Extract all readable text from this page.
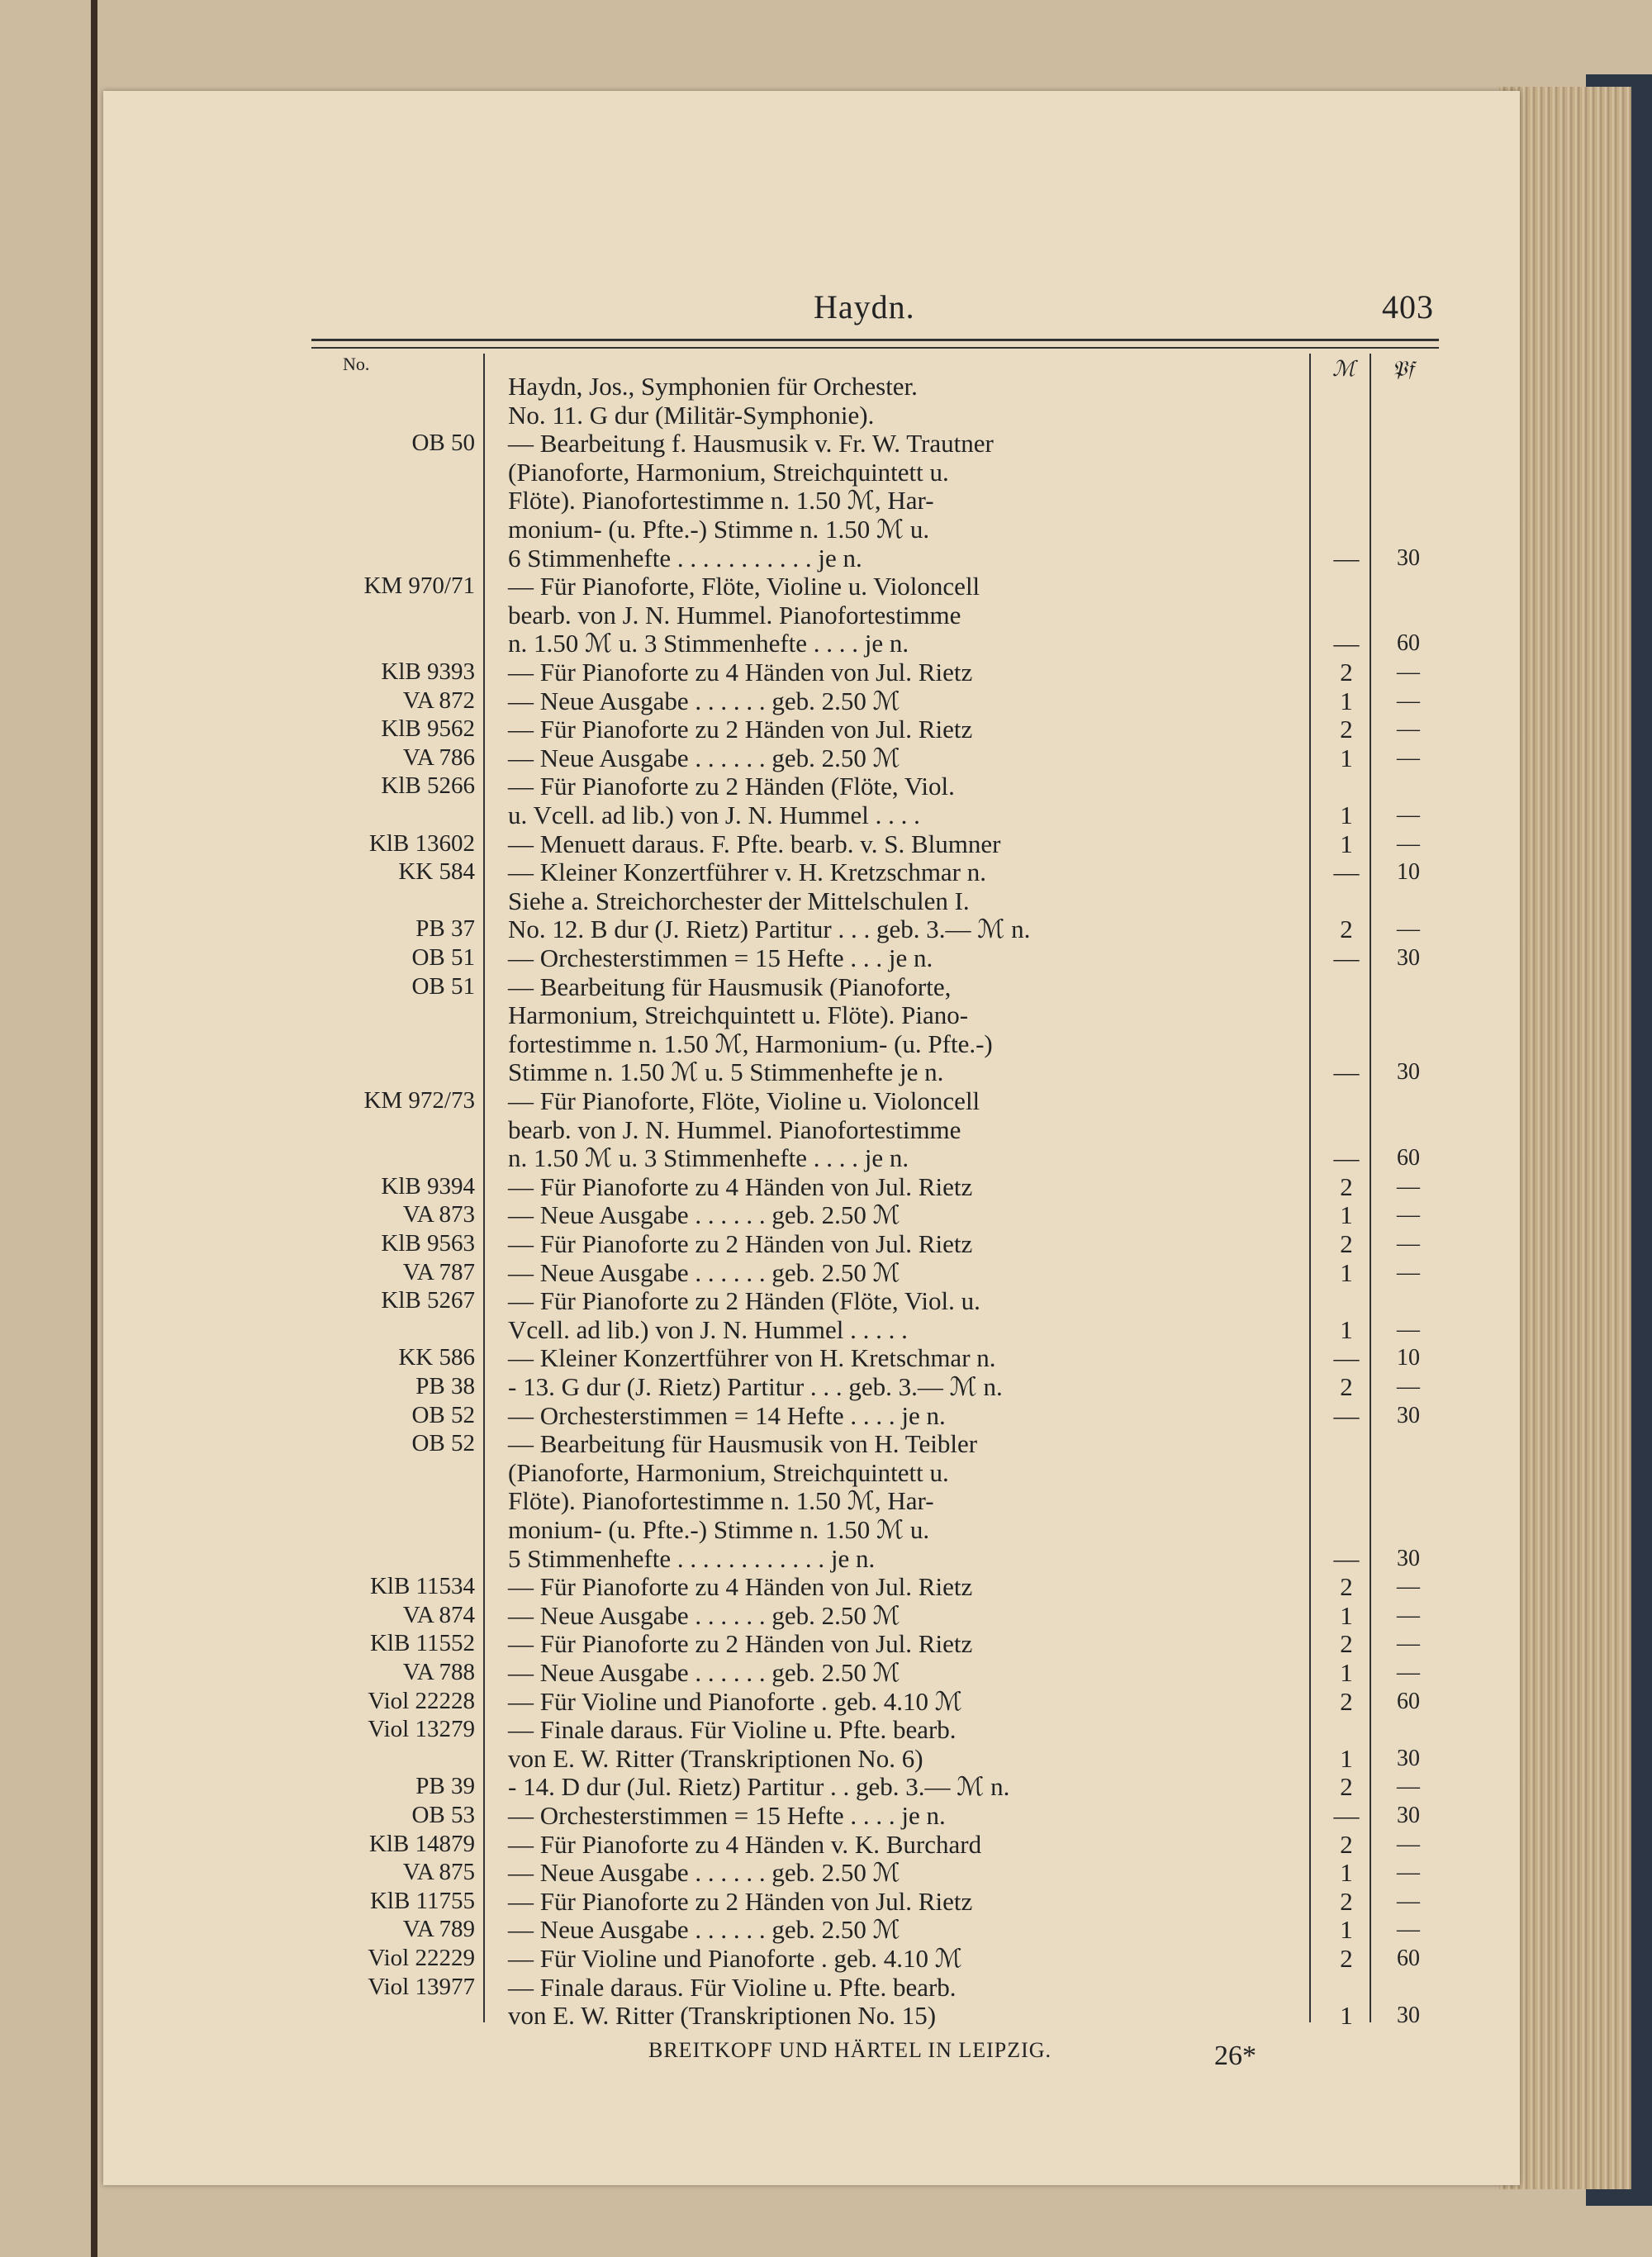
Haydn.	403
No.	ℳ 𝔓𝔣
Haydn, Jos., Symphonien für Orchester.
No. 11. G dur (Militär-Symphonie).
OB 50 — Bearbeitung f. Hausmusik v. Fr. W. Trautner
(Pianoforte, Harmonium, Streichquintett u.
Flöte). Pianofortestimme n. 1.50 ℳ, Har-
monium- (u. Pfte.-) Stimme n. 1.50 ℳ u.
6 Stimmenhefte . . . . . . . . . . . je n.	—	30
KM 970/71 — Für Pianoforte, Flöte, Violine u. Violoncell
bearb. von J. N. Hummel. Pianofortestimme
n. 1.50 ℳ u. 3 Stimmenhefte . . . . je n.	—	60
KlB 9393 — Für Pianoforte zu 4 Händen von Jul. Rietz	2	—
VA 872 — Neue Ausgabe . . . . . . geb. 2.50 ℳ	1	—
KlB 9562 — Für Pianoforte zu 2 Händen von Jul. Rietz	2	—
VA 786 — Neue Ausgabe . . . . . . geb. 2.50 ℳ	1	—
KlB 5266 — Für Pianoforte zu 2 Händen (Flöte, Viol.
u. Vcell. ad lib.) von J. N. Hummel . . . .	1	—
KlB 13602 — Menuett daraus. F. Pfte. bearb. v. S. Blumner	1	—
KK 584 — Kleiner Konzertführer v. H. Kretzschmar n.	—	10
Siehe a. Streichorchester der Mittelschulen I.
PB 37 No. 12. B dur (J. Rietz) Partitur . . . geb. 3.— ℳ n.	2	—
OB 51 — Orchesterstimmen = 15 Hefte . . . je n.	—	30
OB 51 — Bearbeitung für Hausmusik (Pianoforte,
Harmonium, Streichquintett u. Flöte). Piano-
fortestimme n. 1.50 ℳ, Harmonium- (u. Pfte.-)
Stimme n. 1.50 ℳ u. 5 Stimmenhefte je n.	—	30
KM 972/73 — Für Pianoforte, Flöte, Violine u. Violoncell
bearb. von J. N. Hummel. Pianofortestimme
n. 1.50 ℳ u. 3 Stimmenhefte . . . . je n.	—	60
KlB 9394 — Für Pianoforte zu 4 Händen von Jul. Rietz	2	—
VA 873 — Neue Ausgabe . . . . . . geb. 2.50 ℳ	1	—
KlB 9563 — Für Pianoforte zu 2 Händen von Jul. Rietz	2	—
VA 787 — Neue Ausgabe . . . . . . geb. 2.50 ℳ	1	—
KlB 5267 — Für Pianoforte zu 2 Händen (Flöte, Viol. u.
Vcell. ad lib.) von J. N. Hummel . . . . .	1	—
KK 586 — Kleiner Konzertführer von H. Kretschmar n.	—	10
PB 38 - 13. G dur (J. Rietz) Partitur . . . geb. 3.— ℳ n.	2	—
OB 52 — Orchesterstimmen = 14 Hefte . . . . je n.	—	30
OB 52 — Bearbeitung für Hausmusik von H. Teibler
(Pianoforte, Harmonium, Streichquintett u.
Flöte). Pianofortestimme n. 1.50 ℳ, Har-
monium- (u. Pfte.-) Stimme n. 1.50 ℳ u.
5 Stimmenhefte . . . . . . . . . . . . je n.	—	30
KlB 11534 — Für Pianoforte zu 4 Händen von Jul. Rietz	2	—
VA 874 — Neue Ausgabe . . . . . . geb. 2.50 ℳ	1	—
KlB 11552 — Für Pianoforte zu 2 Händen von Jul. Rietz	2	—
VA 788 — Neue Ausgabe . . . . . . geb. 2.50 ℳ	1	—
Viol 22228 — Für Violine und Pianoforte . geb. 4.10 ℳ	2	60
Viol 13279 — Finale daraus. Für Violine u. Pfte. bearb.
von E. W. Ritter (Transkriptionen No. 6)	1	30
PB 39 - 14. D dur (Jul. Rietz) Partitur . . geb. 3.— ℳ n.	2	—
OB 53 — Orchesterstimmen = 15 Hefte . . . . je n.	—	30
KlB 14879 — Für Pianoforte zu 4 Händen v. K. Burchard	2	—
VA 875 — Neue Ausgabe . . . . . . geb. 2.50 ℳ	1	—
KlB 11755 — Für Pianoforte zu 2 Händen von Jul. Rietz	2	—
VA 789 — Neue Ausgabe . . . . . . geb. 2.50 ℳ	1	—
Viol 22229 — Für Violine und Pianoforte . geb. 4.10 ℳ	2	60
Viol 13977 — Finale daraus. Für Violine u. Pfte. bearb.
von E. W. Ritter (Transkriptionen No. 15)	1	30
BREITKOPF UND HÄRTEL IN LEIPZIG.	26*
